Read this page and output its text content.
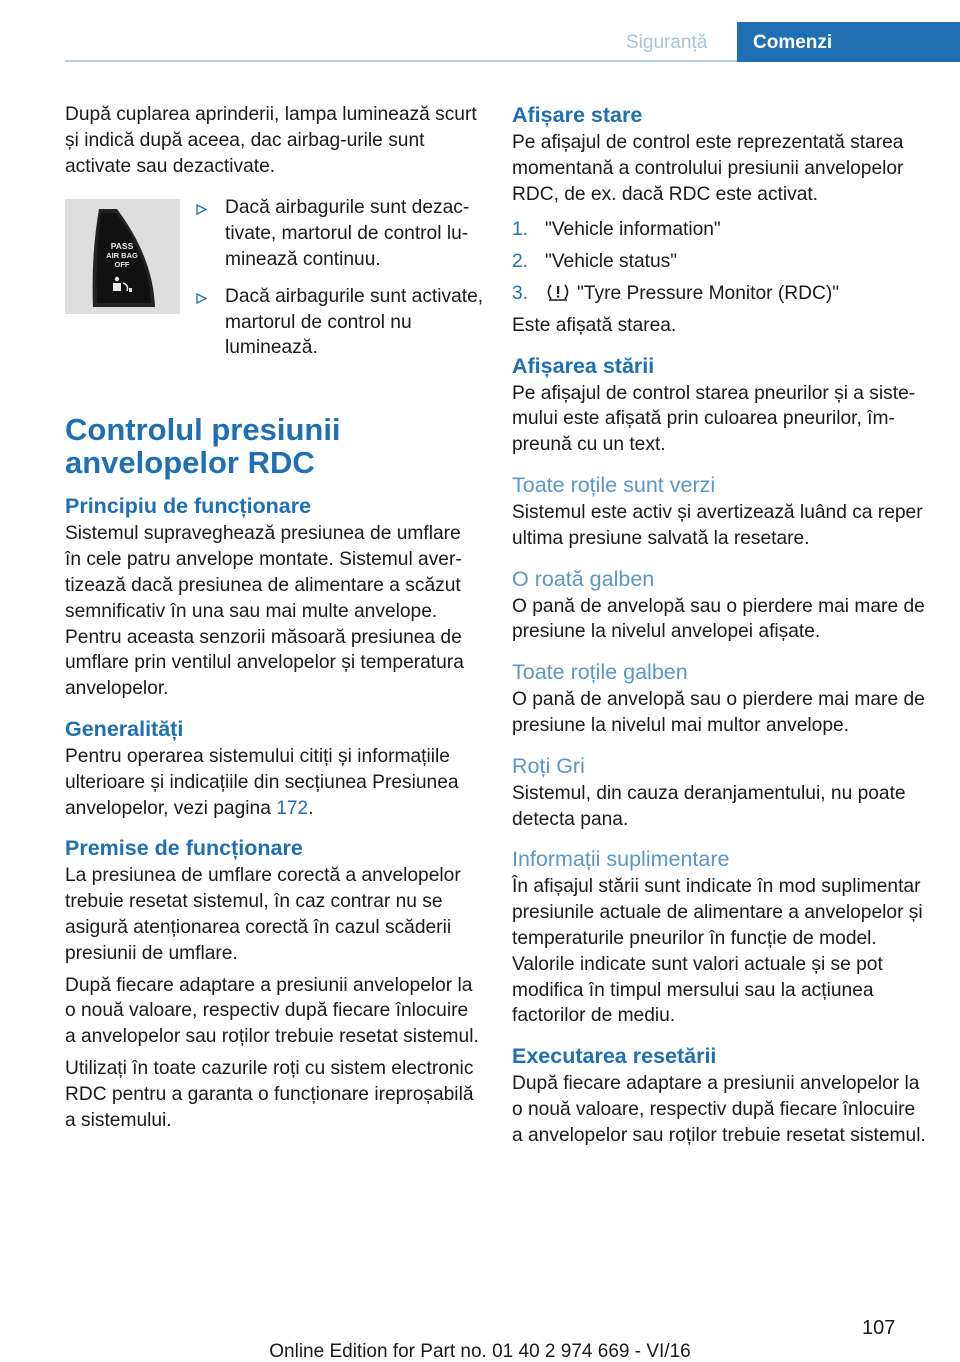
Siguranță	Comenzi

După cuplarea aprinderii, lampa luminează scurt și indică după aceea, dac airbag-urile sunt activate sau dezactivate.

PASS
AIR BAG
OFF
Dacă airbagurile sunt dezactivate, martorul de control luminează continuu.
Dacă airbagurile sunt activate, martorul de control nu luminează.
Controlul presiunii anvelopelor RDC
Principiu de funcționare

Sistemul supraveghează presiunea de umflare în cele patru anvelope montate. Sistemul avertizează dacă presiunea de alimentare a scăzut semnificativ în una sau mai multe anvelope. Pentru aceasta senzorii măsoară presiunea de umflare prin ventilul anvelopelor și temperatura anvelopelor.

Generalități

Pentru operarea sistemului citiți și informațiile ulterioare și indicațiile din secțiunea Presiunea anvelopelor, vezi pagina 172.

Premise de funcționare

La presiunea de umflare corectă a anvelopelor trebuie resetat sistemul, în caz contrar nu se asigură atenționarea corectă în cazul scăderii presiunii de umflare.

După fiecare adaptare a presiunii anvelopelor la o nouă valoare, respectiv după fiecare înlocuire a anvelopelor sau roților trebuie resetat sistemul.

Utilizați în toate cazurile roți cu sistem electronic RDC pentru a garanta o funcționare ireproșabilă a sistemului.

Afișare stare

Pe afișajul de control este reprezentată starea momentană a controlului presiunii anvelopelor RDC, de ex. dacă RDC este activat.

1. "Vehicle information"
2. "Vehicle status"
3.	"Tyre Pressure Monitor (RDC)"

Este afișată starea.

Afișarea stării

Pe afișajul de control starea pneurilor și a sistemului este afișată prin culoarea pneurilor, împreună cu un text.

Toate roțile sunt verzi

Sistemul este activ și avertizează luând ca reper ultima presiune salvată la resetare.

O roată galben

O pană de anvelopă sau o pierdere mai mare de presiune la nivelul anvelopei afișate.

Toate roțile galben

O pană de anvelopă sau o pierdere mai mare de presiune la nivelul mai multor anvelope.

Roți Gri

Sistemul, din cauza deranjamentului, nu poate detecta pana.

Informații suplimentare

În afișajul stării sunt indicate în mod suplimentar presiunile actuale de alimentare a anvelopelor și temperaturile pneurilor în funcție de model. Valorile indicate sunt valori actuale și se pot modifica în timpul mersului sau la acțiunea factorilor de mediu.

Executarea resetării

După fiecare adaptare a presiunii anvelopelor la o nouă valoare, respectiv după fiecare înlocuire a anvelopelor sau roților trebuie resetat sistemul.

107
Online Edition for Part no. 01 40 2 974 669 - VI/16
